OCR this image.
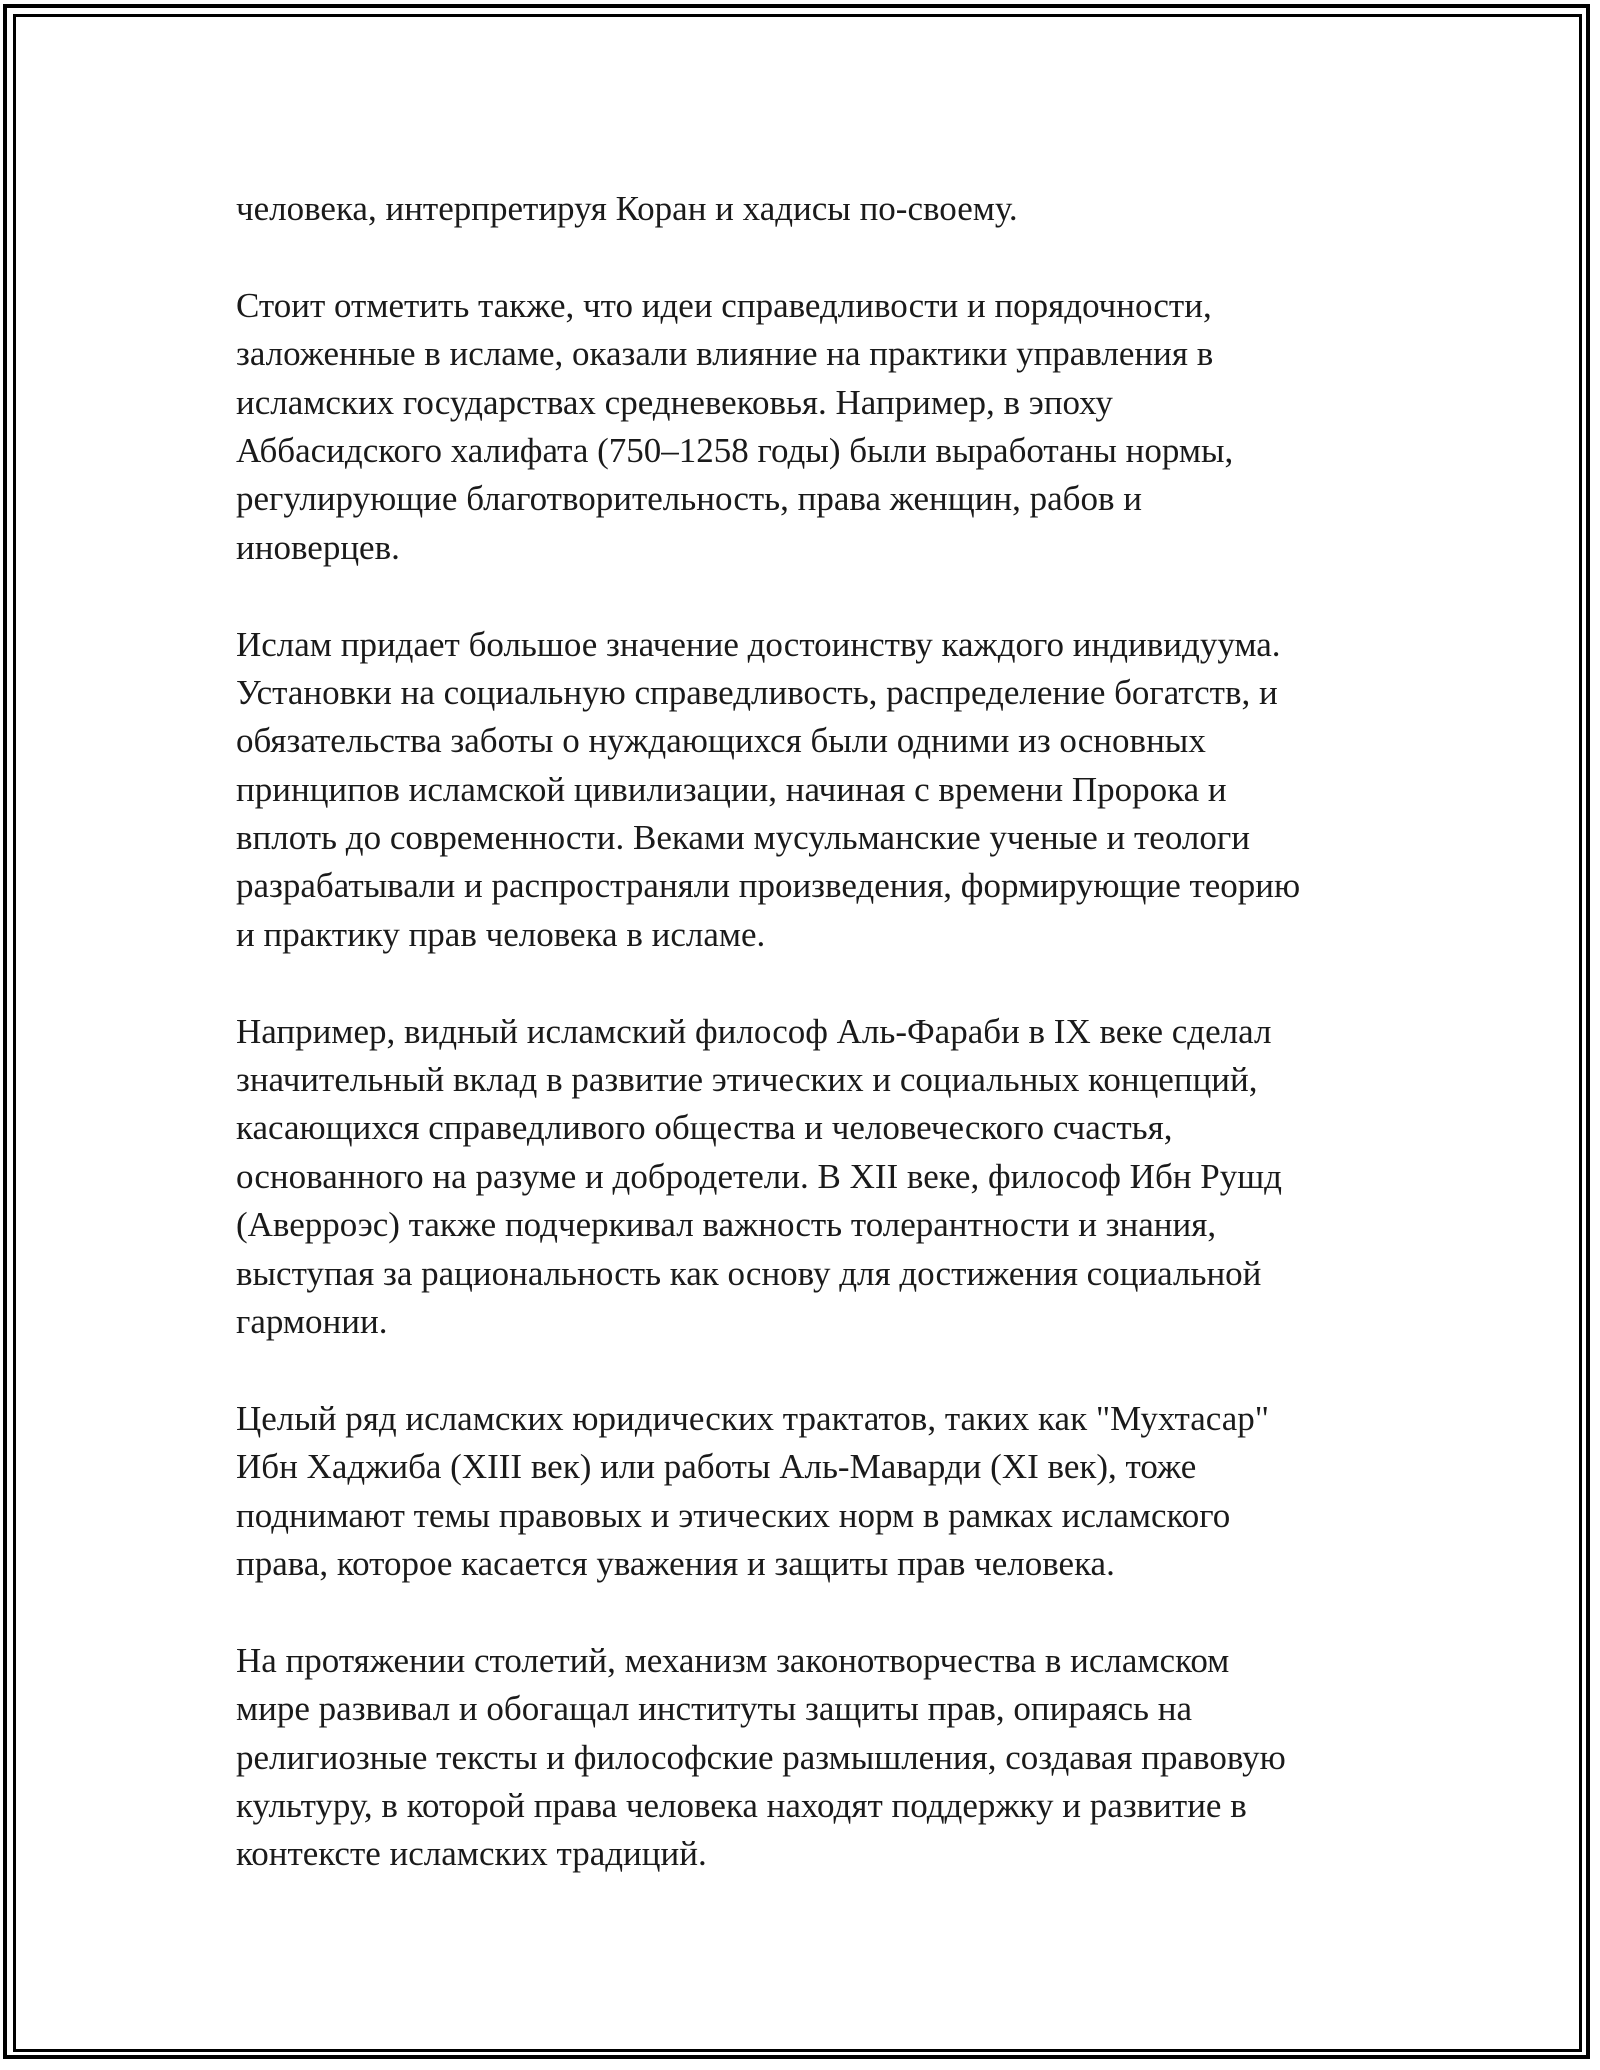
человека, интерпретируя Коран и хадисы по-своему.
Стоит отметить также, что идеи справедливости и порядочности,
заложенные в исламе, оказали влияние на практики управления в
исламских государствах средневековья. Например, в эпоху
Аббасидского халифата (750–1258 годы) были выработаны нормы,
регулирующие благотворительность, права женщин, рабов и
иноверцев.
Ислам придает большое значение достоинству каждого индивидуума.
Установки на социальную справедливость, распределение богатств, и
обязательства заботы о нуждающихся были одними из основных
принципов исламской цивилизации, начиная с времени Пророка и
вплоть до современности. Веками мусульманские ученые и теологи
разрабатывали и распространяли произведения, формирующие теорию
и практику прав человека в исламе.
Например, видный исламский философ Аль-Фараби в IX веке сделал
значительный вклад в развитие этических и социальных концепций,
касающихся справедливого общества и человеческого счастья,
основанного на разуме и добродетели. В XII веке, философ Ибн Рушд
(Аверроэс) также подчеркивал важность толерантности и знания,
выступая за рациональность как основу для достижения социальной
гармонии.
Целый ряд исламских юридических трактатов, таких как "Мухтасар"
Ибн Хаджиба (XIII век) или работы Аль-Маварди (XI век), тоже
поднимают темы правовых и этических норм в рамках исламского
права, которое касается уважения и защиты прав человека.
На протяжении столетий, механизм законотворчества в исламском
мире развивал и обогащал институты защиты прав, опираясь на
религиозные тексты и философские размышления, создавая правовую
культуру, в которой права человека находят поддержку и развитие в
контексте исламских традиций.
